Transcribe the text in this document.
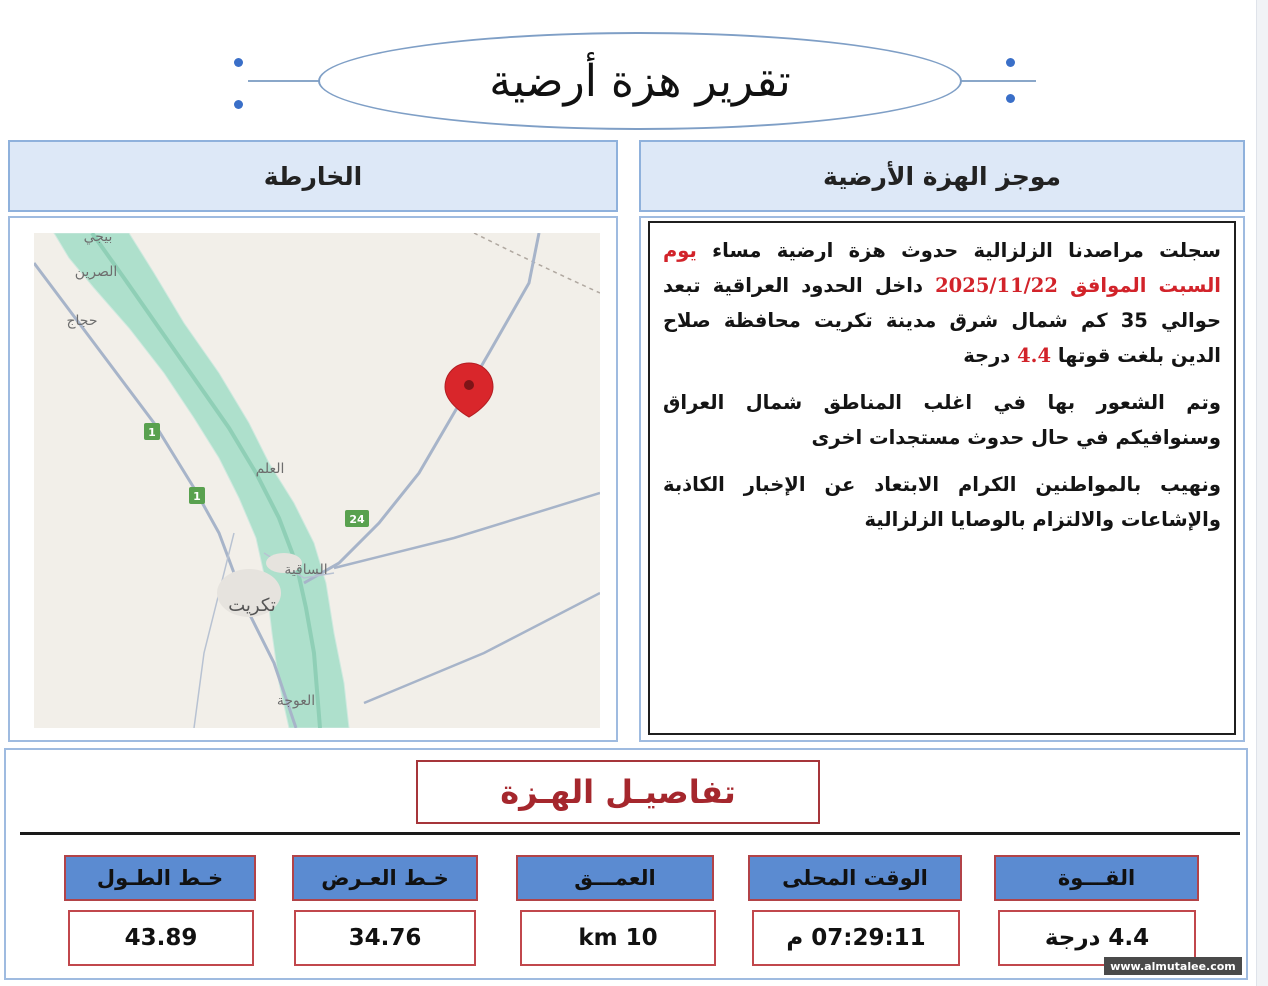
تقرير هزة أرضية
الخارطة	موجز الهزة الأرضية
1
1
24
بيجي
الصرين
حجاج
العلم
الساقية
تكريت
العوجة

سجلت مراصدنا الزلزالية حدوث هزة ارضية مساء يوم السبت الموافق 2025/11/22 داخل الحدود العراقية تبعد حوالي 35 كم شمال شرق مدينة تكريت محافظة صلاح الدين بلغت قوتها 4.4 درجة

وتم الشعور بها في اغلب المناطق شمال العراق وسنوافيكم في حال حدوث مستجدات اخرى

ونهيب بالمواطنين الكرام الابتعاد عن الإخبار الكاذبة والإشاعات والالتزام بالوصايا الزلزالية

تفاصيـل الهـزة
القـــوة
4.4 درجة
الوقت المحلى
07:29:11 م
العمـــق
10 km
خـط العـرض
34.76
خـط الطـول
43.89
www.almutalee.com
